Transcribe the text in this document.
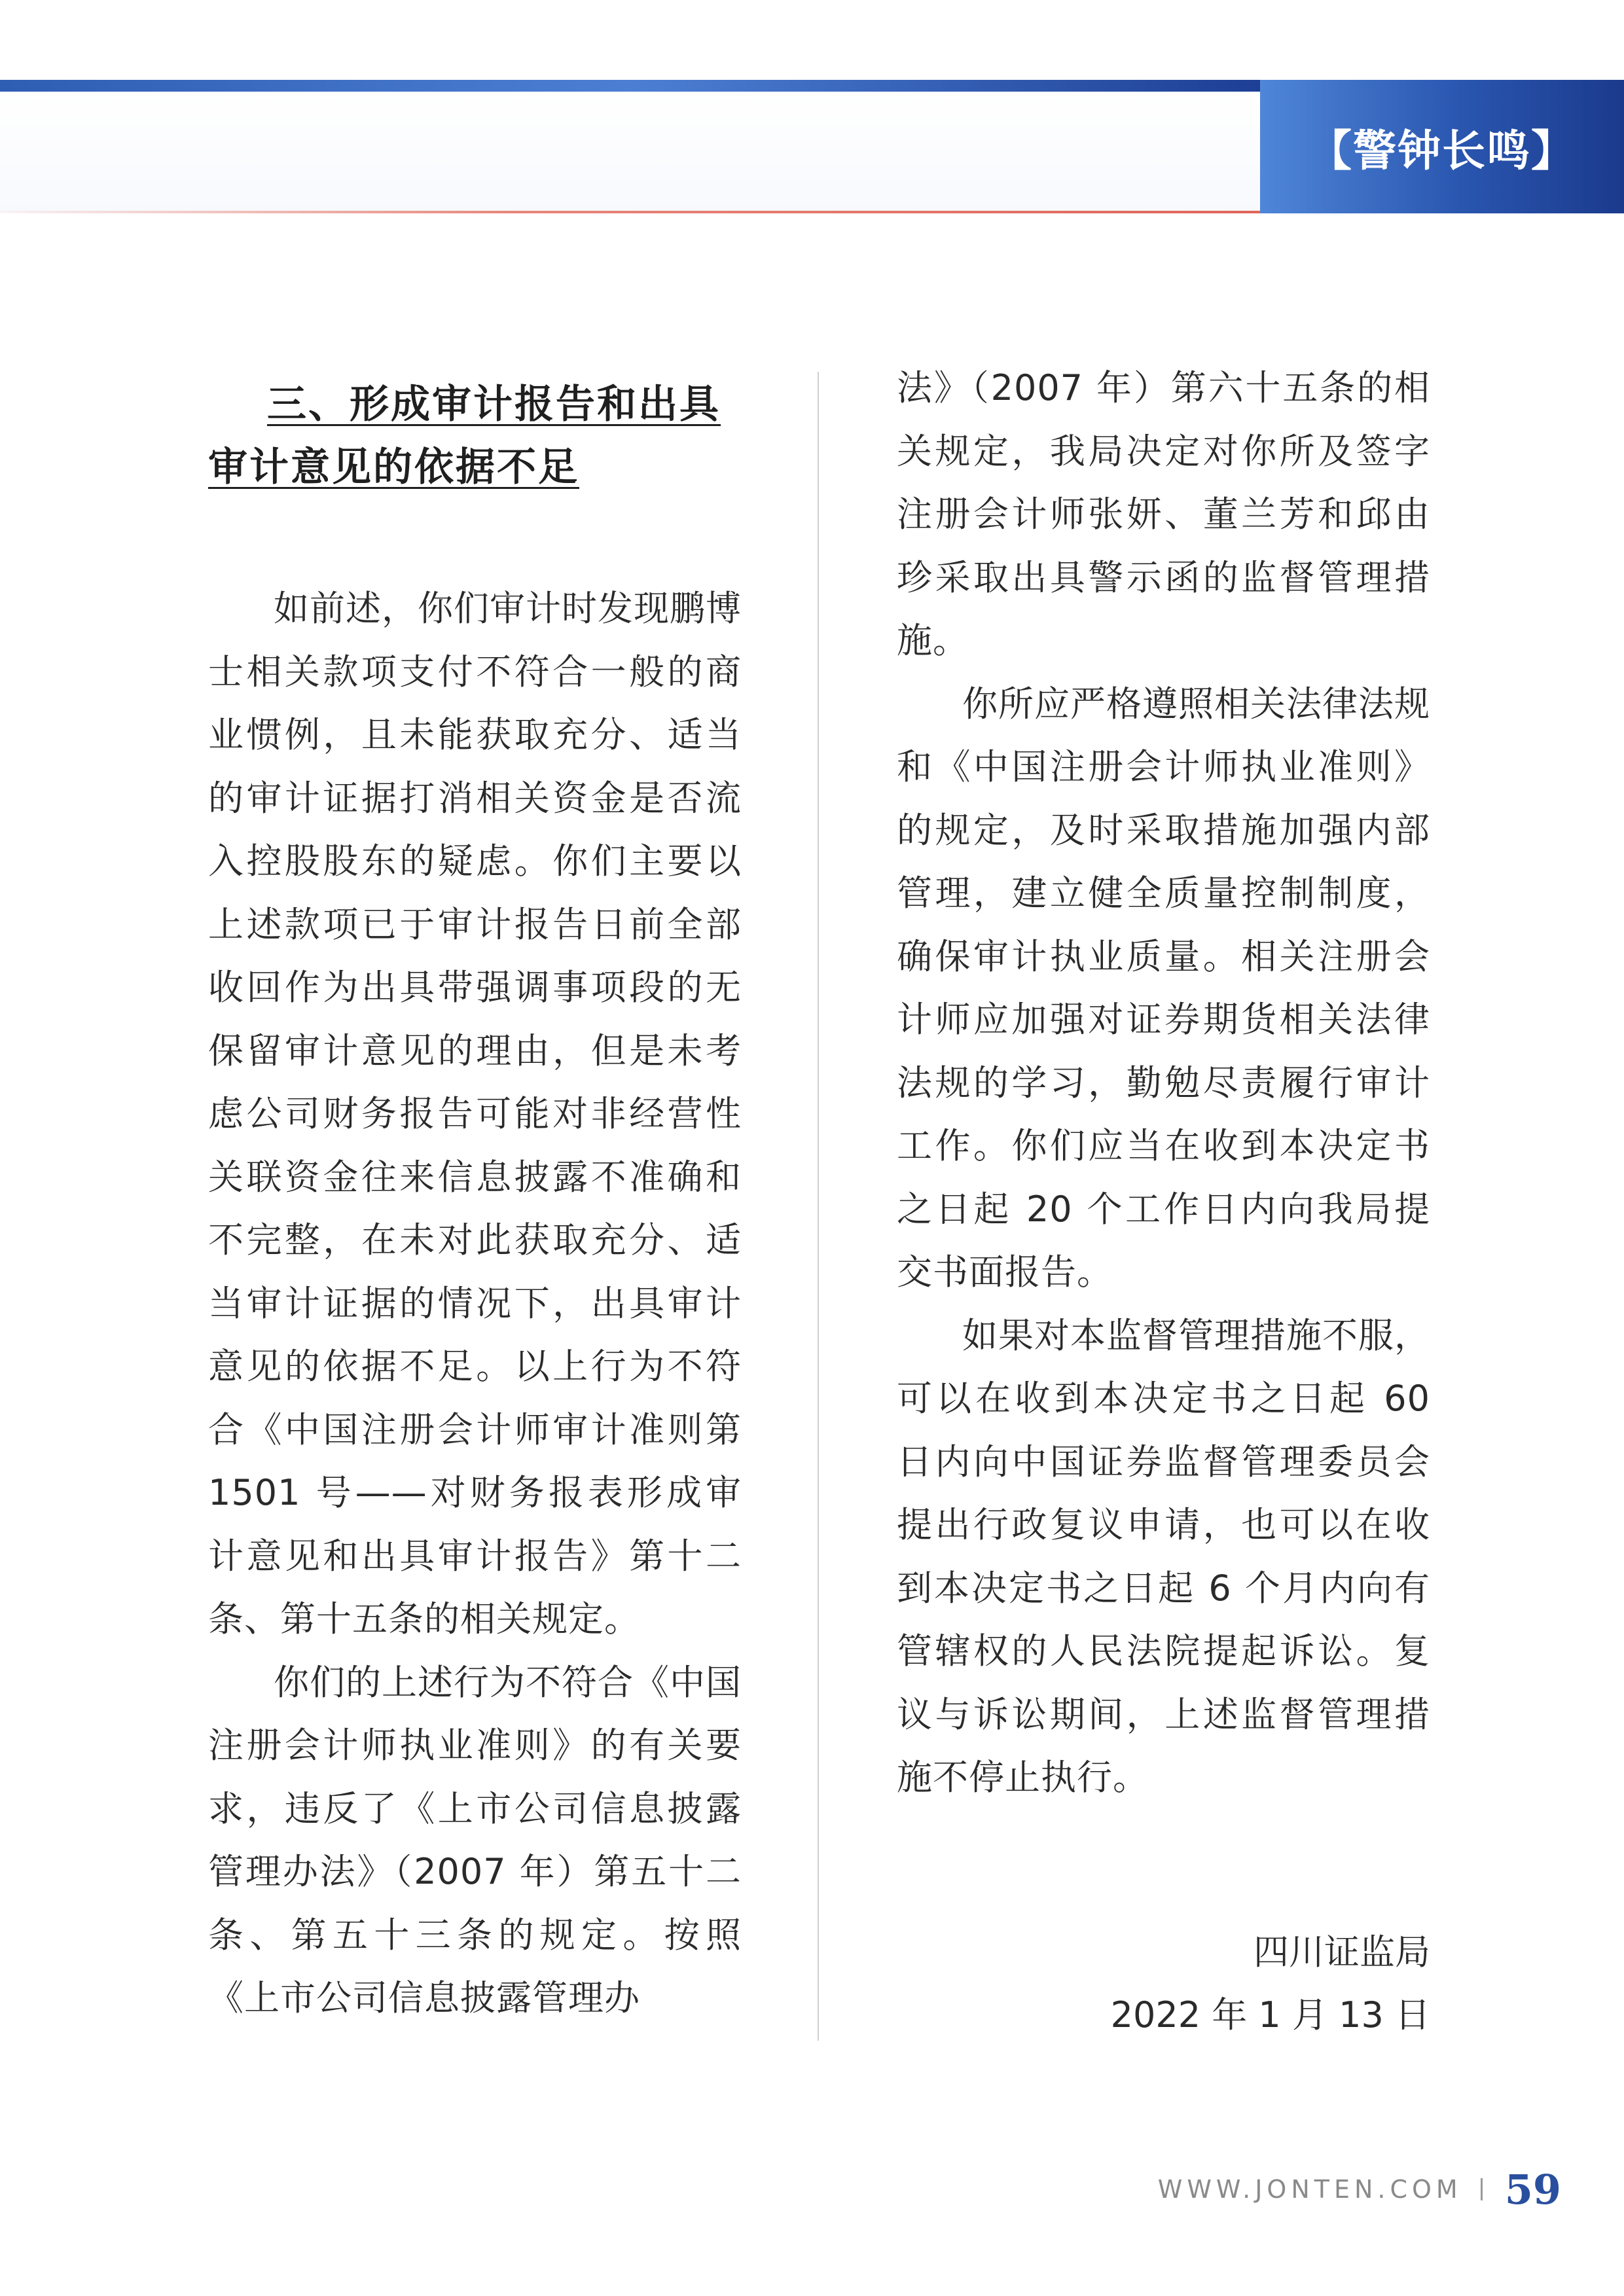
【警钟长鸣】
三、形成审计报告和出具审计意见的依据不足

如前述，你们审计时发现鹏博士相关款项支付不符合一般的商业惯例，且未能获取充分、适当的审计证据打消相关资金是否流入控股股东的疑虑。你们主要以上述款项已于审计报告日前全部收回作为出具带强调事项段的无保留审计意见的理由，但是未考虑公司财务报告可能对非经营性关联资金往来信息披露不准确和不完整，在未对此获取充分、适当审计证据的情况下，出具审计意见的依据不足。以上行为不符合《中国注册会计师审计准则第 1501 号——对财务报表形成审计意见和出具审计报告》第十二条、第十五条的相关规定。

你们的上述行为不符合《中国注册会计师执业准则》的有关要求，违反了《上市公司信息披露管理办法》（2007 年）第五十二条、第五十三条的规定。按照《上市公司信息披露管理办

法》（2007 年）第六十五条的相关规定，我局决定对你所及签字注册会计师张妍、董兰芳和邱由珍采取出具警示函的监督管理措施。

你所应严格遵照相关法律法规和《中国注册会计师执业准则》的规定，及时采取措施加强内部管理，建立健全质量控制制度，确保审计执业质量。相关注册会计师应加强对证券期货相关法律法规的学习，勤勉尽责履行审计工作。你们应当在收到本决定书之日起 20 个工作日内向我局提交书面报告。

如果对本监督管理措施不服，可以在收到本决定书之日起 60 日内向中国证券监督管理委员会提出行政复议申请，也可以在收到本决定书之日起 6 个月内向有管辖权的人民法院提起诉讼。复议与诉讼期间，上述监督管理措施不停止执行。

四川证监局
2022 年 1 月 13 日
WWW.JONTEN.COM 59
